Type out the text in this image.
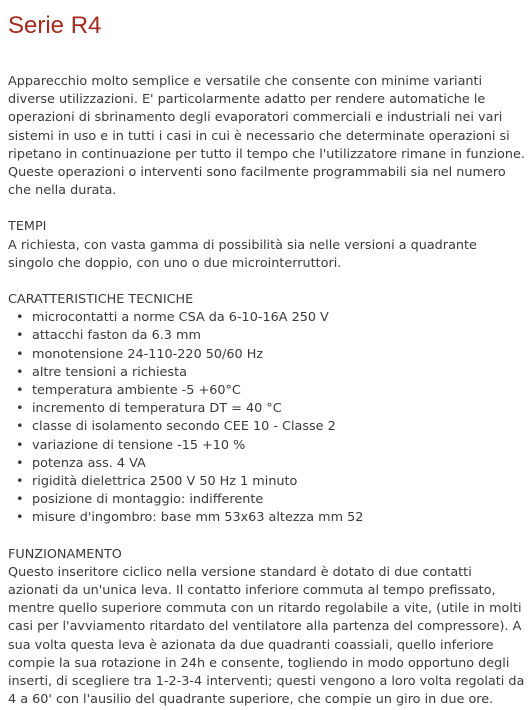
Serie R4

Apparecchio molto semplice e versatile che consente con minime varianti diverse utilizzazioni. E' particolarmente adatto per rendere automatiche le operazioni di sbrinamento degli evaporatori commerciali e industriali nei vari sistemi in uso e in tutti i casi in cui è necessario che determinate operazioni si ripetano in continuazione per tutto il tempo che l'utilizzatore rimane in funzione. Queste operazioni o interventi sono facilmente programmabili sia nel numero che nella durata.

TEMPI

A richiesta, con vasta gamma di possibilità sia nelle versioni a quadrante singolo che doppio, con uno o due microinterruttori.

CARATTERISTICHE TECNICHE
• microcontatti a norme CSA da 6-10-16A 250 V
• attacchi faston da 6.3 mm
• monotensione 24-110-220 50/60 Hz
• altre tensioni a richiesta
• temperatura ambiente -5 +60°C
• incremento di temperatura DT = 40 °C
• classe di isolamento secondo CEE 10 - Classe 2
• variazione di tensione -15 +10 %
• potenza ass. 4 VA
• rigidità dielettrica 2500 V 50 Hz 1 minuto
• posizione di montaggio: indifferente
• misure d'ingombro: base mm 53x63 altezza mm 52
FUNZIONAMENTO

Questo inseritore ciclico nella versione standard è dotato di due contatti azionati da un'unica leva. Il contatto inferiore commuta al tempo prefissato, mentre quello superiore commuta con un ritardo regolabile a vite, (utile in molti casi per l'avviamento ritardato del ventilatore alla partenza del compressore). A sua volta questa leva è azionata da due quadranti coassiali, quello inferiore compie la sua rotazione in 24h e consente, togliendo in modo opportuno degli inserti, di scegliere tra 1-2-3-4 interventi; questi vengono a loro volta regolati da 4 a 60' con l'ausilio del quadrante superiore, che compie un giro in due ore.
